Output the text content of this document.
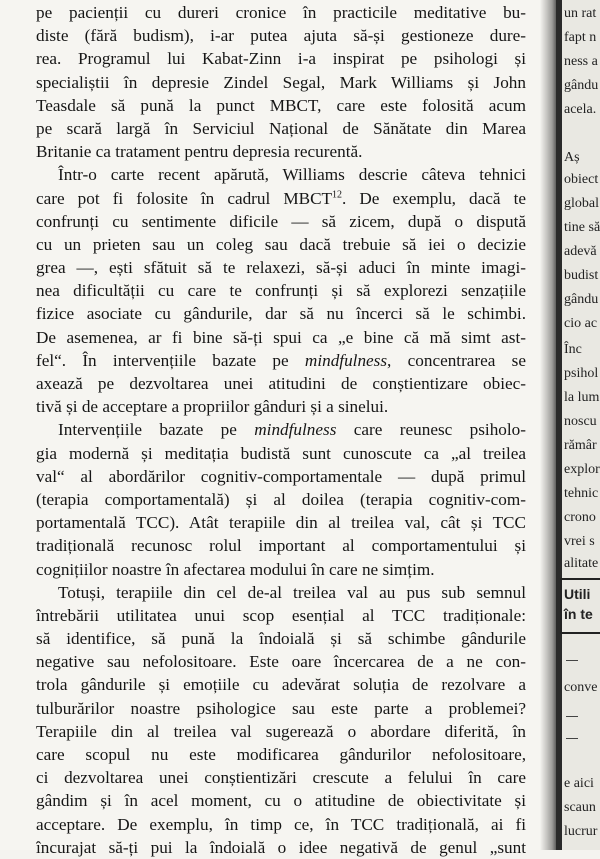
pe pacienții cu dureri cronice în practicile meditative bu-
diste (fără budism), i-ar putea ajuta să-și gestioneze dure-
rea. Programul lui Kabat-Zinn i-a inspirat pe psihologi și
specialiștii în depresie Zindel Segal, Mark Williams și John
Teasdale să pună la punct MBCT, care este folosită acum
pe scară largă în Serviciul Național de Sănătate din Marea
Britanie ca tratament pentru depresia recurentă.
Într-o carte recent apărută, Williams descrie câteva tehnici
care pot fi folosite în cadrul MBCT$^{12}$. De exemplu, dacă te
confrunți cu sentimente dificile — să zicem, după o dispută
cu un prieten sau un coleg sau dacă trebuie să iei o decizie
grea —, ești sfătuit să te relaxezi, să-și aduci în minte imagi-
nea dificultății cu care te confrunți și să explorezi senzațiile
fizice asociate cu gândurile, dar să nu încerci să le schimbi.
De asemenea, ar fi bine să-ți spui ca „e bine că mă simt ast-
fel“. În intervențiile bazate pe mindfulness, concentrarea se
axează pe dezvoltarea unei atitudini de conștientizare obiec-
tivă și de acceptare a propriilor gânduri și a sinelui.
Intervențiile bazate pe mindfulness care reunesc psiholo-
gia modernă și meditația budistă sunt cunoscute ca „al treilea
val“ al abordărilor cognitiv-comportamentale — după primul
(terapia comportamentală) și al doilea (terapia cognitiv-com-
portamentală TCC). Atât terapiile din al treilea val, cât și TCC
tradițională recunosc rolul important al comportamentului și
cognițiilor noastre în afectarea modului în care ne simțim.
Totuși, terapiile din cel de-al treilea val au pus sub semnul
întrebării utilitatea unui scop esențial al TCC tradiționale:
să identifice, să pună la îndoială și să schimbe gândurile
negative sau nefolositoare. Este oare încercarea de a ne con-
trola gândurile și emoțiile cu adevărat soluția de rezolvare a
tulburărilor noastre psihologice sau este parte a problemei?
Terapiile din al treilea val sugerează o abordare diferită, în
care scopul nu este modificarea gândurilor nefolositoare,
ci dezvoltarea unei conștientizări crescute a felului în care
gândim și în acel moment, cu o atitudine de obiectivitate și
acceptare. De exemplu, în timp ce, în TCC tradițională, ai fi
încurajat să-ți pui la îndoială o idee negativă de genul „sunt
un rat
fapt n
ness a
gându
acela.
Aș
obiect
global
tine să
adevă
budist
gându
cio ac
Înc
psihol
la lum
noscu
rămâr
explor
tehnic
crono
vrei s
alitate
Utili
în te
conve
e aici
scaun
lucrur
